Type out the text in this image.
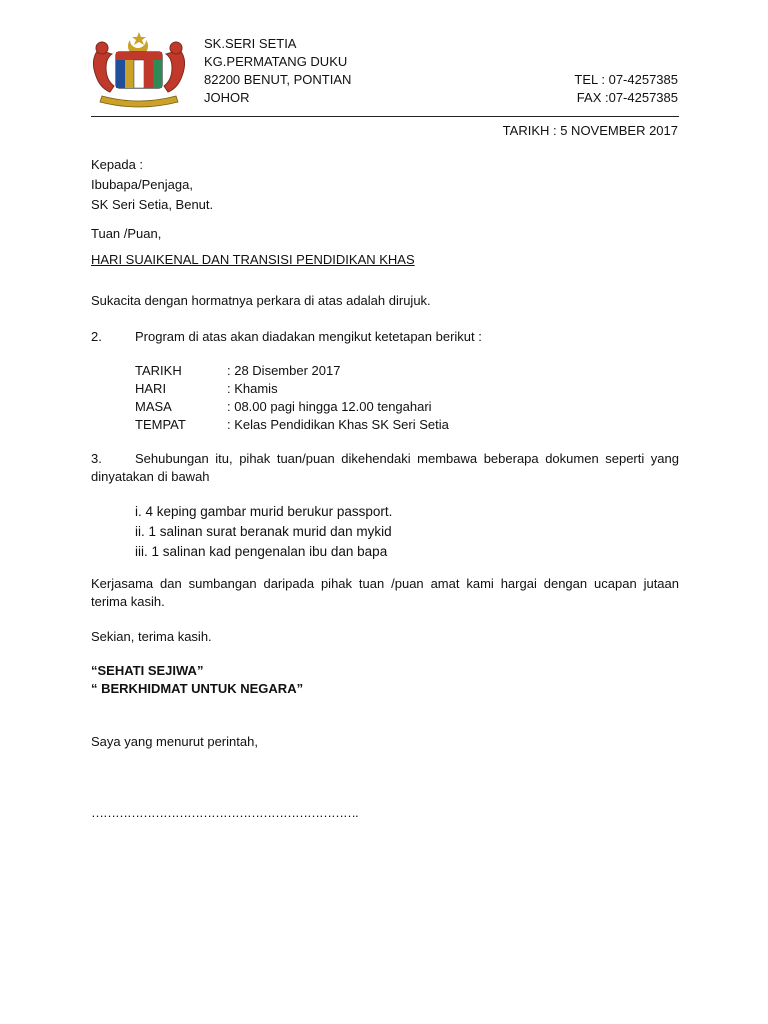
SK.SERI SETIA
KG.PERMATANG DUKU
82200 BENUT, PONTIAN
JOHOR
TEL : 07-4257385
FAX :07-4257385
TARIKH : 5 NOVEMBER 2017
Kepada :
Ibubapa/Penjaga,
SK Seri Setia, Benut.
Tuan /Puan,
HARI SUAIKENAL DAN TRANSISI PENDIDIKAN KHAS
Sukacita dengan hormatnya perkara di atas adalah dirujuk.
2.	Program di atas akan diadakan mengikut ketetapan berikut :
TARIKH	: 28 Disember 2017
HARI	: Khamis
MASA	: 08.00 pagi hingga 12.00 tengahari
TEMPAT	: Kelas Pendidikan Khas SK Seri Setia
3.	Sehubungan itu, pihak tuan/puan dikehendaki membawa beberapa dokumen seperti yang dinyatakan di bawah
i. 4 keping gambar murid berukur passport.
ii. 1 salinan surat beranak murid dan mykid
iii. 1 salinan kad pengenalan ibu dan bapa
Kerjasama dan sumbangan daripada pihak tuan /puan amat kami hargai dengan ucapan jutaan terima kasih.
Sekian, terima kasih.
“SEHATI SEJIWA”
“ BERKHIDMAT UNTUK NEGARA”
Saya yang menurut perintah,
………………………………………………………….
